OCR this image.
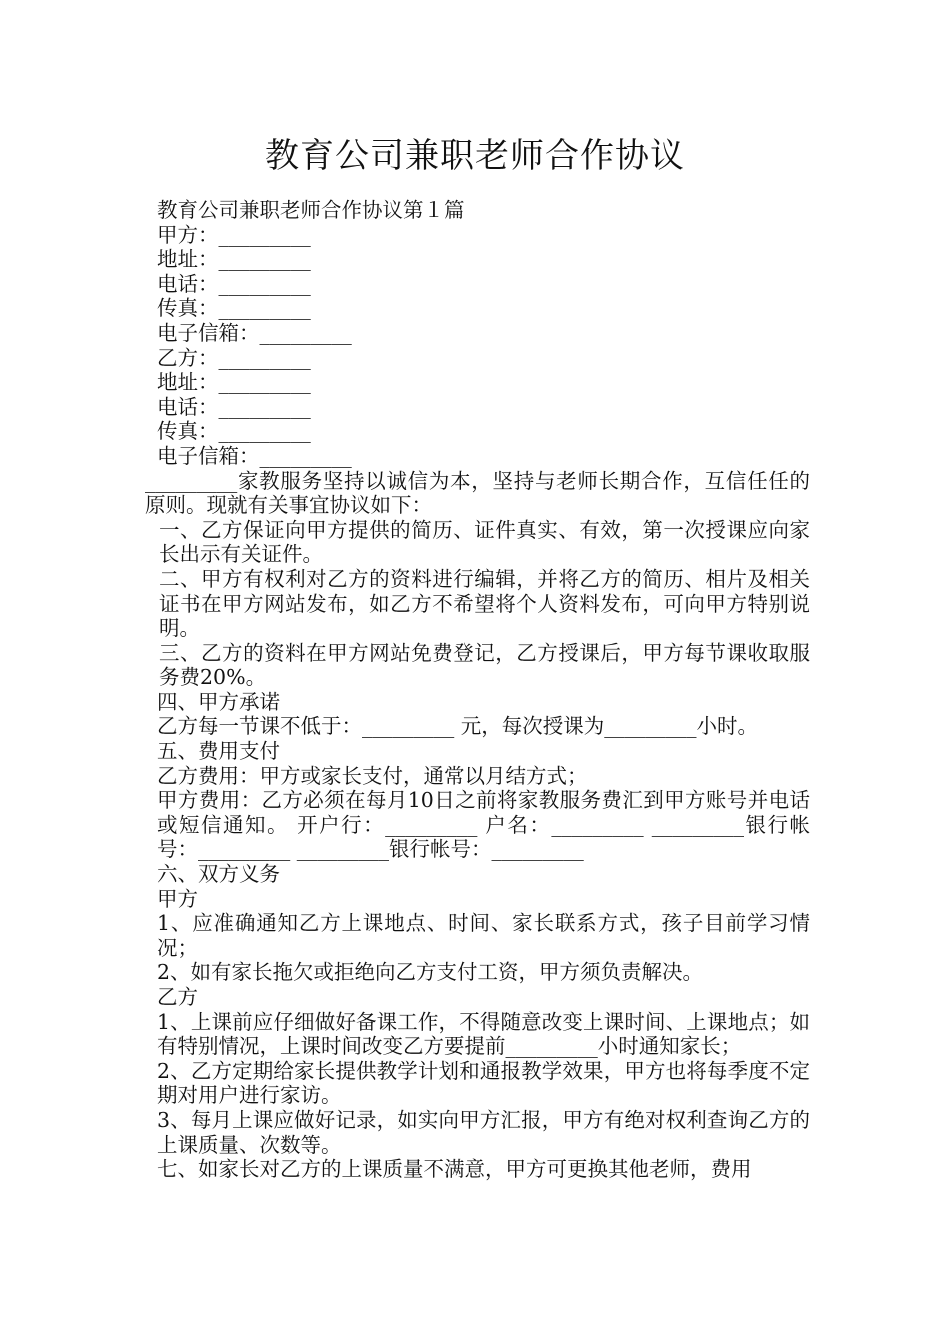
教育公司兼职老师合作协议

教育公司兼职老师合作协议第１篇

甲方：_________

地址：_________

电话：_________

传真：_________

电子信箱：_________

乙方：_________

地址：_________

电话：_________

传真：_________

电子信箱：_________

_________家教服务坚持以诚信为本，坚持与老师长期合作，互信任任的原则。现就有关事宜协议如下：

一、乙方保证向甲方提供的简历、证件真实、有效，第一次授课应向家长出示有关证件。

二、甲方有权利对乙方的资料进行编辑，并将乙方的简历、相片及相关证书在甲方网站发布，如乙方不希望将个人资料发布，可向甲方特别说明。

三、乙方的资料在甲方网站免费登记，乙方授课后，甲方每节课收取服务费20%。

四、甲方承诺

乙方每一节课不低于：_________ 元，每次授课为_________小时。

五、费用支付

乙方费用：甲方或家长支付，通常以月结方式；

甲方费用：乙方必须在每月10日之前将家教服务费汇到甲方账号并电话或短信通知。 开户行：_________ 户名：_________ _________银行帐号：_________ _________银行帐号：_________

六、双方义务

甲方

1、应准确通知乙方上课地点、时间、家长联系方式，孩子目前学习情况；

2、如有家长拖欠或拒绝向乙方支付工资，甲方须负责解决。

乙方

1、上课前应仔细做好备课工作，不得随意改变上课时间、上课地点；如有特别情况，上课时间改变乙方要提前_________小时通知家长；

2、乙方定期给家长提供教学计划和通报教学效果，甲方也将每季度不定期对用户进行家访。

3、每月上课应做好记录，如实向甲方汇报，甲方有绝对权利查询乙方的上课质量、次数等。

七、如家长对乙方的上课质量不满意，甲方可更换其他老师，费用
